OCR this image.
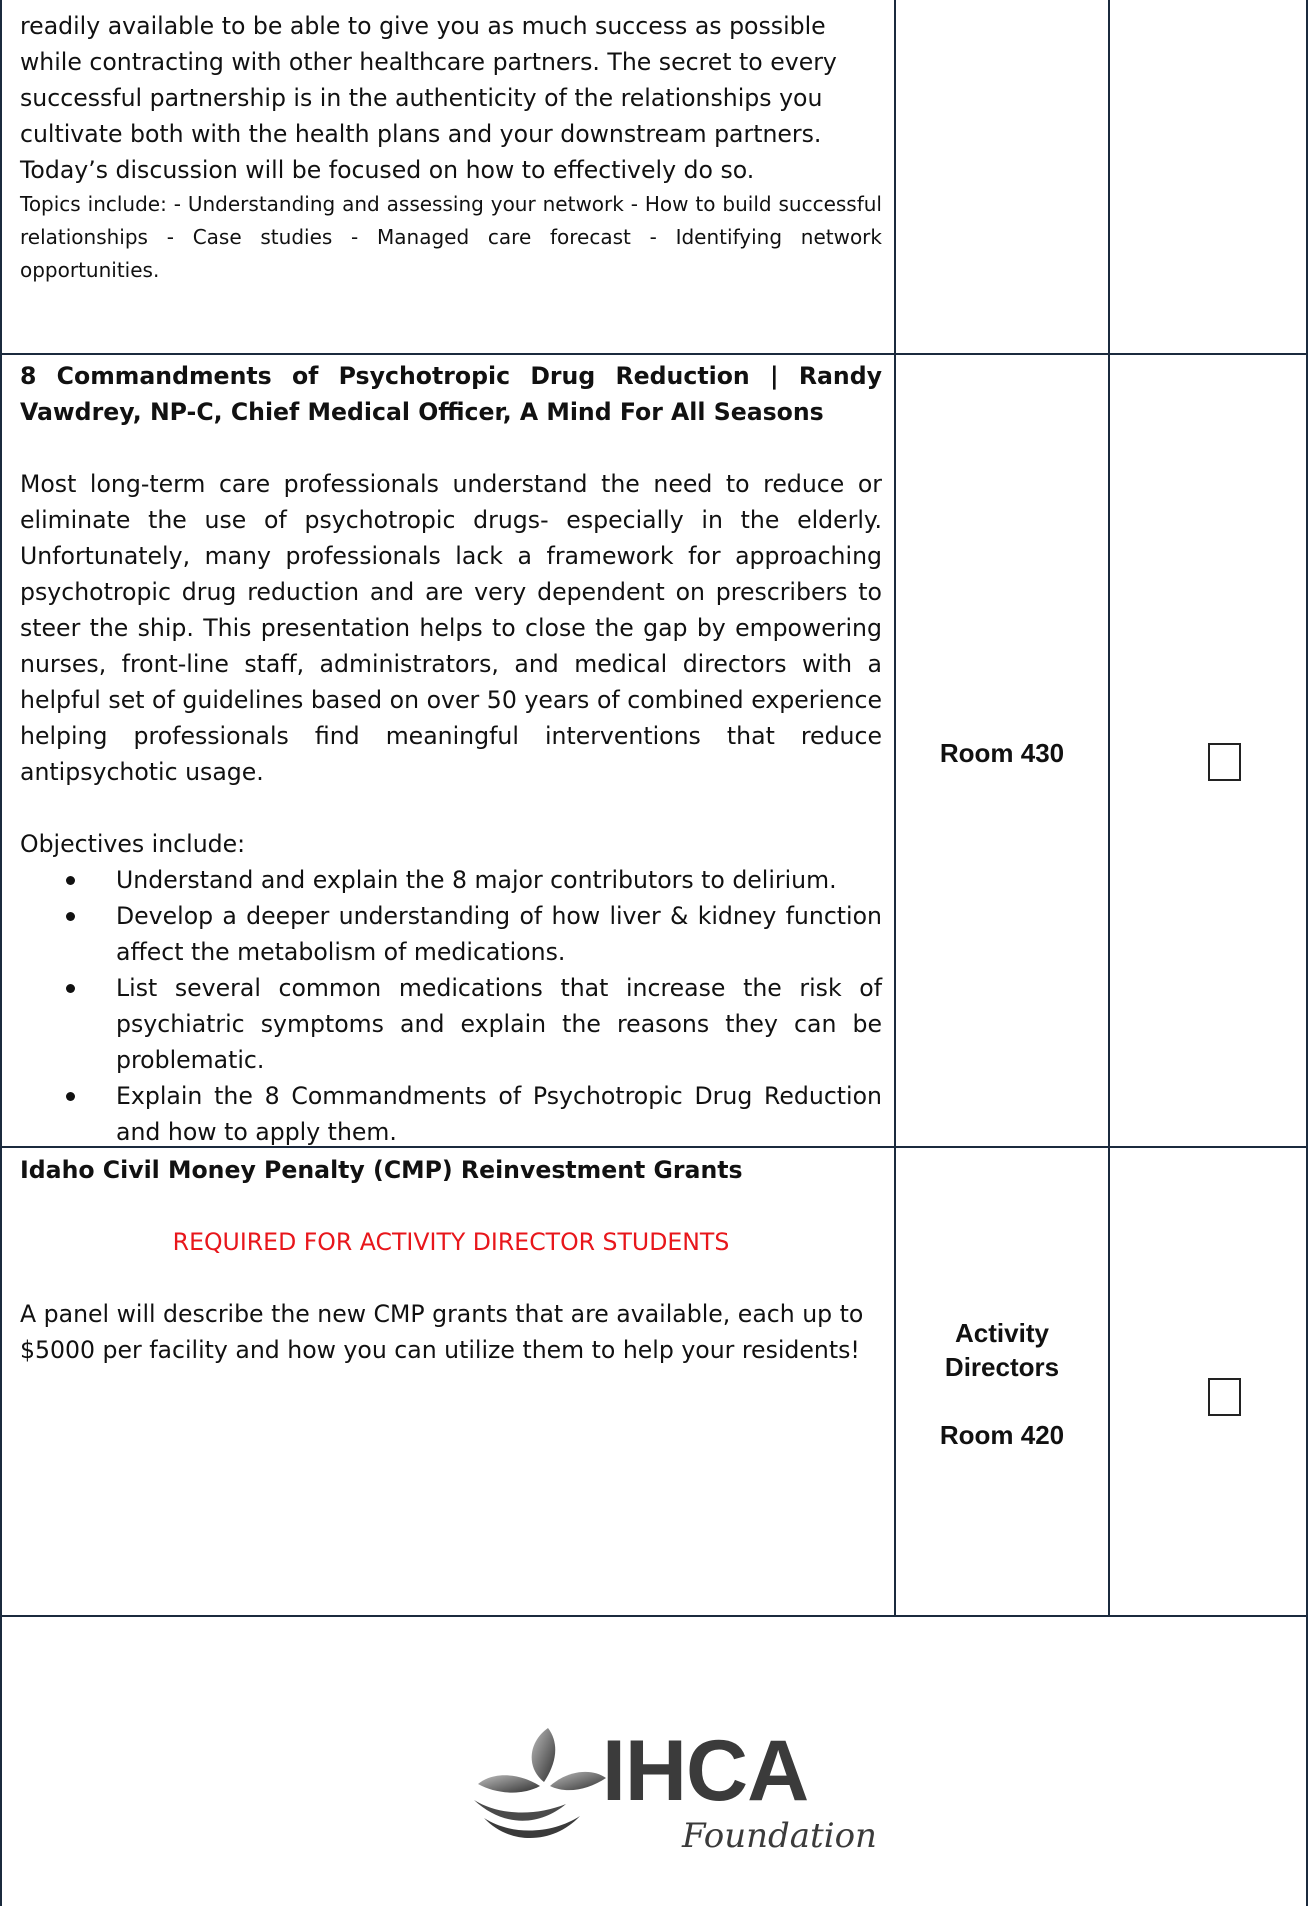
readily available to be able to give you as much success as possible

while contracting with other healthcare partners. The secret to every

successful partnership is in the authenticity of the relationships you

cultivate both with the health plans and your downstream partners.

Today’s discussion will be focused on how to effectively do so.

Topics include: - Understanding and assessing your network - How to build successful relationships - Case studies - Managed care forecast - Identifying network opportunities.

8 Commandments of Psychotropic Drug Reduction | Randy Vawdrey, NP-C, Chief Medical Officer, A Mind For All Seasons

Most long-term care professionals understand the need to reduce or eliminate the use of psychotropic drugs- especially in the elderly. Unfortunately, many professionals lack a framework for approaching psychotropic drug reduction and are very dependent on prescribers to steer the ship. This presentation helps to close the gap by empowering nurses, front-line staff, administrators, and medical directors with a helpful set of guidelines based on over 50 years of combined experience helping professionals find meaningful interventions that reduce antipsychotic usage.

Objectives include:

Understand and explain the 8 major contributors to delirium.
Develop a deeper understanding of how liver & kidney function affect the metabolism of medications.
List several common medications that increase the risk of psychiatric symptoms and explain the reasons they can be problematic.
Explain the 8 Commandments of Psychotropic Drug Reduction and how to apply them.
Room 430

Idaho Civil Money Penalty (CMP) Reinvestment Grants

REQUIRED FOR ACTIVITY DIRECTOR STUDENTS

A panel will describe the new CMP grants that are available, each up to $5000 per facility and how you can utilize them to help your residents!

Activity Directors
Room 420
IHCA
Foundation
